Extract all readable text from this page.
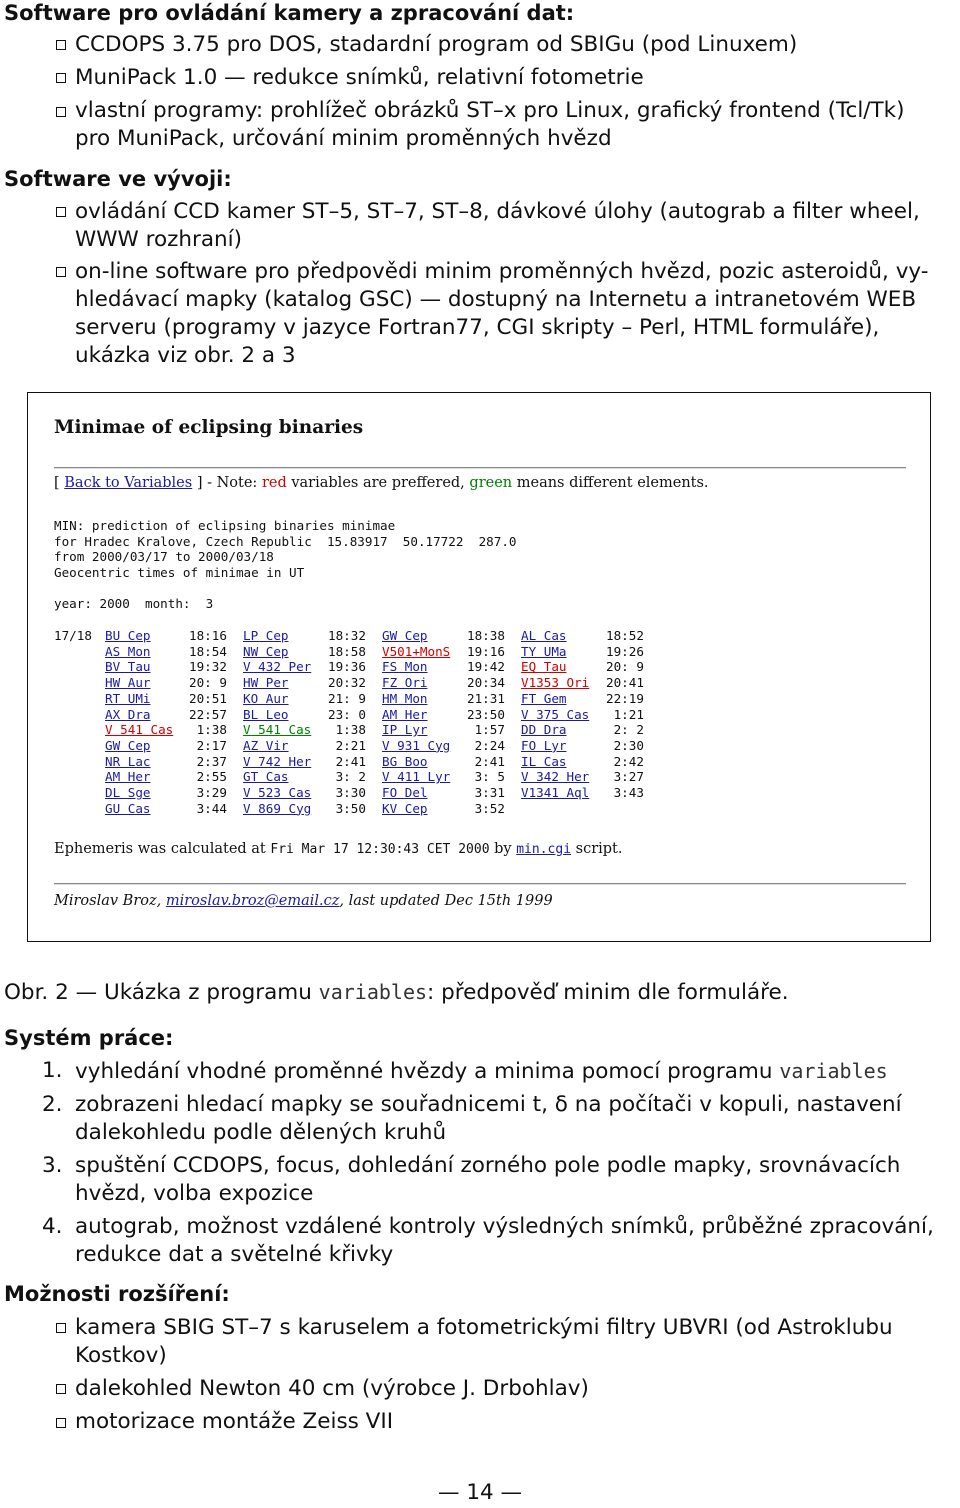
Software pro ovládání kamery a zpracování dat:
CCDOPS 3.75 pro DOS, stadardní program od SBIGu (pod Linuxem)
MuniPack 1.0 — redukce snímků, relativní fotometrie
vlastní programy: prohlížeč obrázků ST–x pro Linux, grafický frontend (Tcl/Tk)
pro MuniPack, určování minim proměnných hvězd
Software ve vývoji:
ovládání CCD kamer ST–5, ST–7, ST–8, dávkové úlohy (autograb a filter wheel,
WWW rozhraní)
on-line software pro předpovědi minim proměnných hvězd, pozic asteroidů, vy-
hledávací mapky (katalog GSC) — dostupný na Internetu a intranetovém WEB
serveru (programy v jazyce Fortran77, CGI skripty – Perl, HTML formuláře),
ukázka viz obr. 2 a 3
Minimae of eclipsing binaries
[ Back to Variables ] - Note: red variables are preffered, green means different elements.
MIN: prediction of eclipsing binaries minimae
for Hradec Kralove, Czech Republic  15.83917  50.17722  287.0
from 2000/03/17 to 2000/03/18
Geocentric times of minimae in UT
year: 2000  month:  3
17/18 BU Cep	18:16 LP Cep	18:32 GW Cep	18:38 AL Cas	18:52
AS Mon	18:54 NW Cep	18:58 V501+MonS 19:16 TY UMa	19:26
BV Tau	19:32 V 432 Per 19:36 FS Mon	19:42 EQ Tau	20: 9
HW Aur	20: 9 HW Per	20:32 FZ Ori	20:34 V1353 Ori 20:41
RT UMi	20:51 KO Aur	21: 9 HM Mon	21:31 FT Gem	22:19
AX Dra	22:57 BL Leo	23: 0 AM Her	23:50 V 375 Cas 1:21
V 541 Cas 1:38 V 541 Cas 1:38 IP Lyr	1:57 DD Dra	2: 2
GW Cep	2:17 AZ Vir	2:21 V 931 Cyg 2:24 FO Lyr	2:30
NR Lac	2:37 V 742 Her 2:41 BG Boo	2:41 IL Cas	2:42
AM Her	2:55 GT Cas	3: 2 V 411 Lyr 3: 5 V 342 Her 3:27
DL Sge	3:29 V 523 Cas 3:30 FO Del	3:31 V1341 Aql 3:43
GU Cas	3:44 V 869 Cyg 3:50 KV Cep	3:52
Ephemeris was calculated at Fri Mar 17 12:30:43 CET 2000 by min.cgi script.
Miroslav Broz, miroslav.broz@email.cz, last updated Dec 15th 1999
Obr. 2 — Ukázka z programu variables: předpověď minim dle formuláře.
Systém práce:
1. vyhledání vhodné proměnné hvězdy a minima pomocí programu variables
2. zobrazeni hledací mapky se souřadnicemi t, δ na počítači v kopuli, nastavení
dalekohledu podle dělených kruhů
3. spuštění CCDOPS, focus, dohledání zorného pole podle mapky, srovnávacích
hvězd, volba expozice
4. autograb, možnost vzdálené kontroly výsledných snímků, průběžné zpracování,
redukce dat a světelné křivky
Možnosti rozšíření:
kamera SBIG ST–7 s karuselem a fotometrickými filtry UBVRI (od Astroklubu
Kostkov)
dalekohled Newton 40 cm (výrobce J. Drbohlav)
motorizace montáže Zeiss VII
— 14 —
